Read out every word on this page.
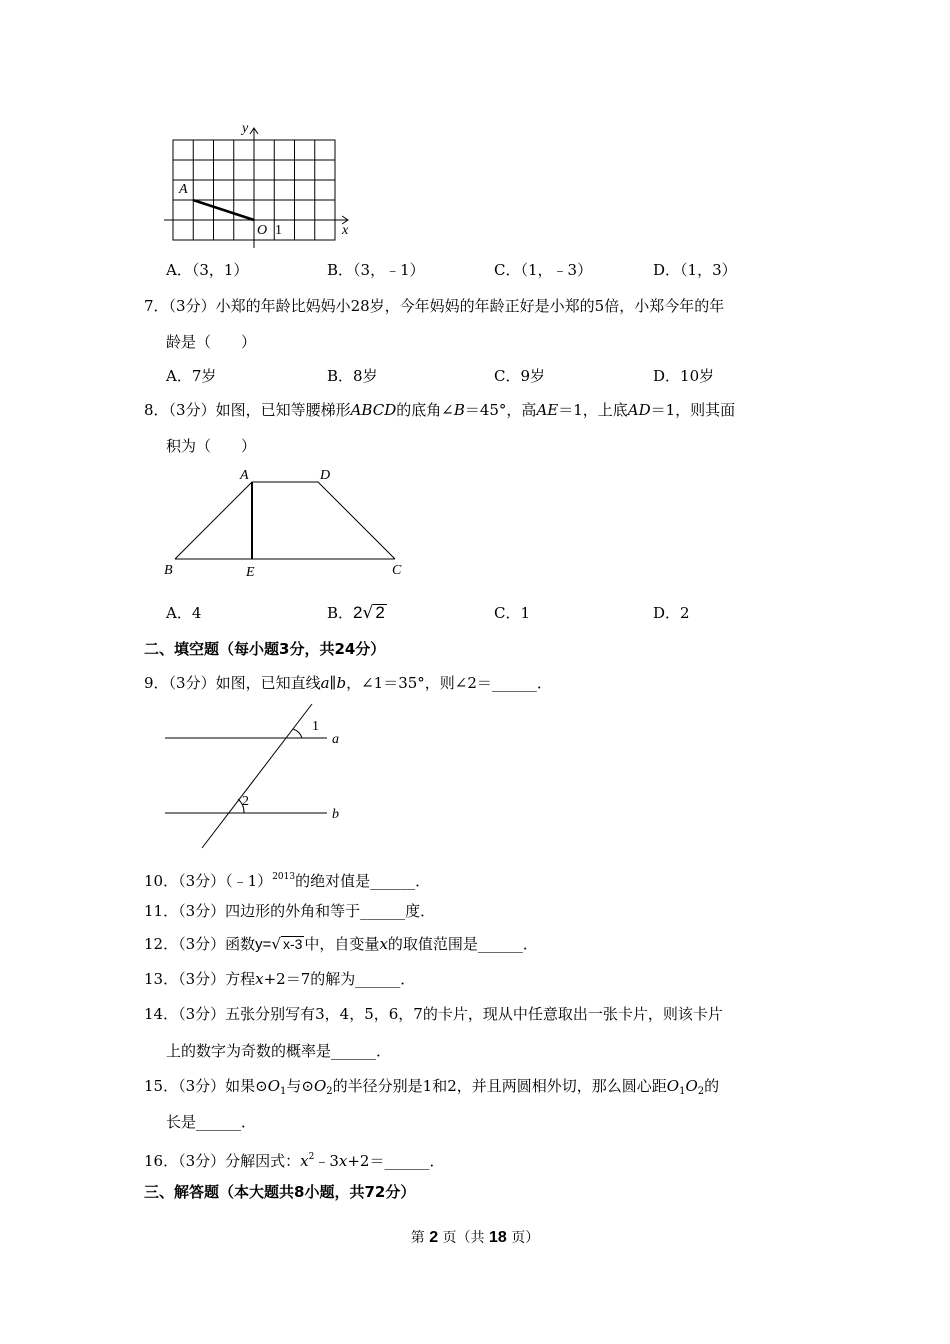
y
x
A
O 1
A．（3，1）	B．（3，﹣1）	C．（1，﹣3）	D．（1，3）
7．（3分）小郑的年龄比妈妈小28岁，今年妈妈的年龄正好是小郑的5倍，小郑今年的年
龄是（　　）
A．7岁	B．8岁	C．9岁	D．10岁
8．（3分）如图，已知等腰梯形ABCD的底角∠B＝45°，高AE＝1，上底AD＝1，则其面
积为（　　）
A	D
B	E	C
A．4	B．2√ 2	C．1	D．2
二、填空题（每小题3分，共24分）
9．（3分）如图，已知直线a∥b，∠1＝35°，则∠2＝______．
1
2
a
b
10．（3分）（﹣1）$^{2013}$的绝对值是______．
11．（3分）四边形的外角和等于______度．
12．（3分）函数y=√ x-3 中，自变量x的取值范围是______．
13．（3分）方程x+2＝7的解为______．
14．（3分）五张分别写有3，4，5，6，7的卡片，现从中任意取出一张卡片，则该卡片
上的数字为奇数的概率是______．
15．（3分）如果$⊙O_1$与$⊙O_2$的半径分别是1和2，并且两圆相外切，那么圆心距$O_1O_2$的
长是______．
16．（3分）分解因式：$x^2﹣3x+2=\_\_\_\_\_\_$．
三、解答题（本大题共8小题，共72分）
第 2 页（共 18 页）
